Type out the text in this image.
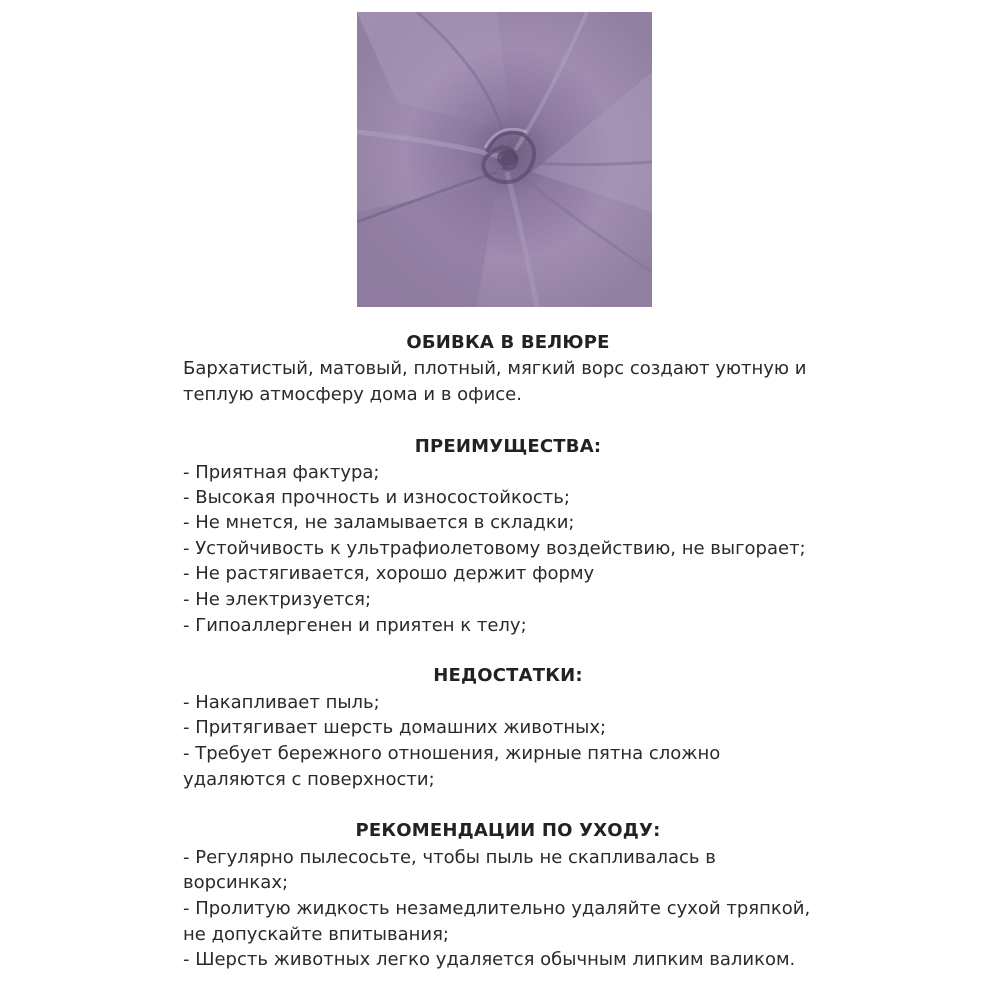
ОБИВКА В ВЕЛЮРЕ

Бархатистый, матовый, плотный, мягкий ворс создают уютную и

теплую атмосферу дома и в офисе.

ПРЕИМУЩЕСТВА:

- Приятная фактура;

- Высокая прочность и износостойкость;

- Не мнется, не заламывается в складки;

- Устойчивость к ультрафиолетовому воздействию, не выгорает;

- Не растягивается, хорошо держит форму

- Не электризуется;

- Гипоаллергенен и приятен к телу;

НЕДОСТАТКИ:

- Накапливает пыль;

- Притягивает шерсть домашних животных;

- Требует бережного отношения, жирные пятна сложно

удаляются с поверхности;

РЕКОМЕНДАЦИИ ПО УХОДУ:

- Регулярно пылесосьте, чтобы пыль не скапливалась в

ворсинках;

- Пролитую жидкость незамедлительно удаляйте сухой тряпкой,

не допускайте впитывания;

- Шерсть животных легко удаляется обычным липким валиком.
